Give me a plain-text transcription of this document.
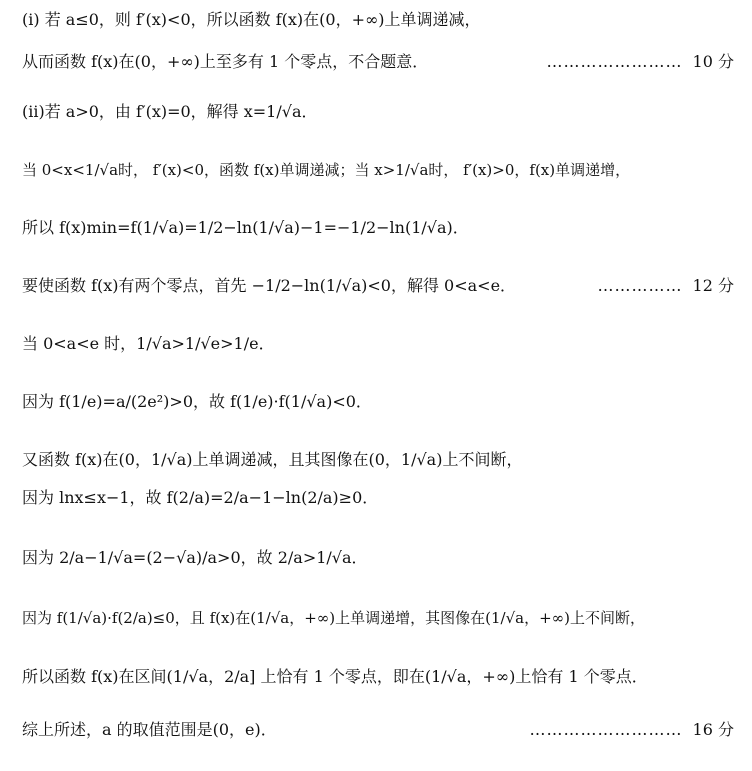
(i) 若 a≤0，则 f′(x)<0，所以函数 f(x)在(0，+∞)上单调递减，
从而函数 f(x)在(0，+∞)上至多有 1 个零点，不合题意．	…………………… 10 分
(ii)若 a>0，由 f′(x)=0，解得 x=1/√a．
当 0<x<1/√a时， f′(x)<0，函数 f(x)单调递减；当 x>1/√a时， f′(x)>0，f(x)单调递增，
所以 f(x)min=f(1/√a)=1/2−ln(1/√a)−1=−1/2−ln(1/√a)．
要使函数 f(x)有两个零点，首先 −1/2−ln(1/√a)<0，解得 0<a<e．	…………… 12 分
当 0<a<e 时，1/√a>1/√e>1/e．
因为 f(1/e)=a/(2e²)>0，故 f(1/e)·f(1/√a)<0．
又函数 f(x)在(0，1/√a)上单调递减，且其图像在(0，1/√a)上不间断，
因为 lnx≤x−1，故 f(2/a)=2/a−1−ln(2/a)≥0．
因为 2/a−1/√a=(2−√a)/a>0，故 2/a>1/√a．
因为 f(1/√a)·f(2/a)≤0，且 f(x)在(1/√a，+∞)上单调递增，其图像在(1/√a，+∞)上不间断，
所以函数 f(x)在区间(1/√a，2/a] 上恰有 1 个零点，即在(1/√a，+∞)上恰有 1 个零点．
综上所述，a 的取值范围是(0，e)．	……………………… 16 分
